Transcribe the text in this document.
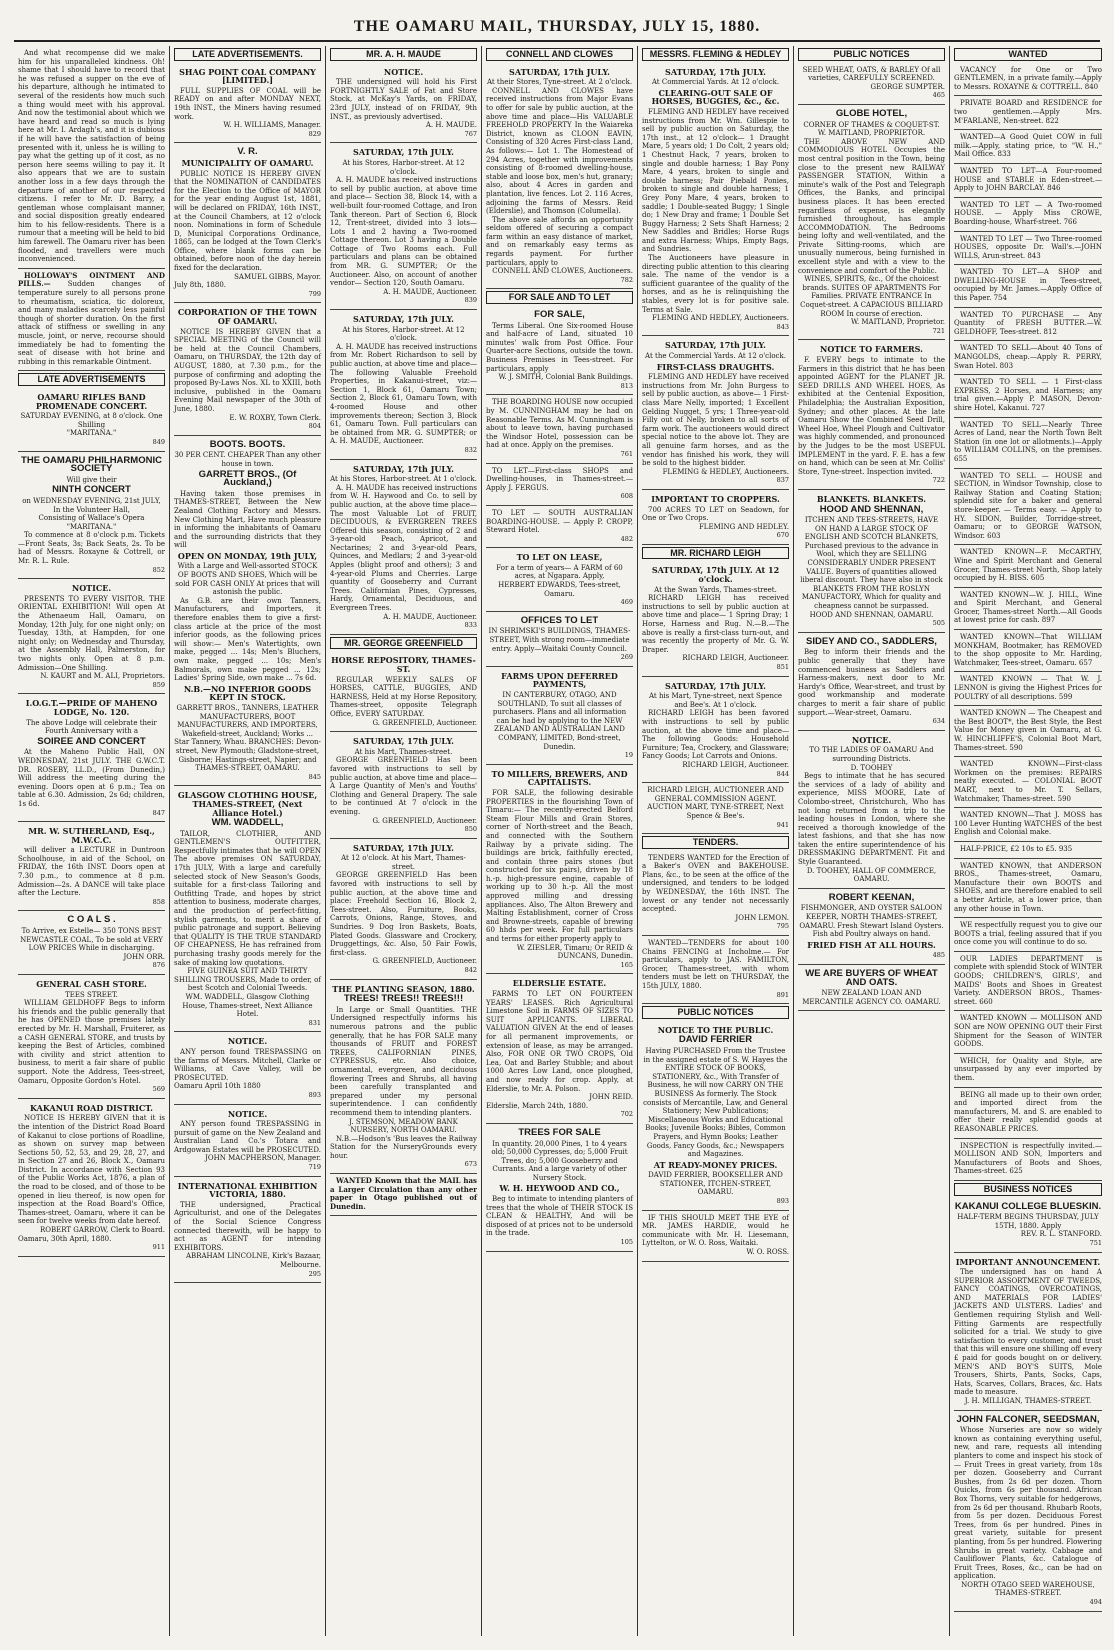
THE OAMARU MAIL, THURSDAY, JULY 15, 1880.
And what recompense did we make him for his unparalleled kindness. Oh! shame that I should have to record that he was refused a supper on the eve of his departure, although he intimated to several of the residents how much such a thing would meet with his approval. And now the testimonial about which we have heard and read so much is lying here at Mr. I. Ardagh's, and it is dubious if he will have the satisfaction of being presented with it, unless he is willing to pay what the getting up of it cost, as no person here seems willing to pay it. It also appears that we are to sustain another loss in a few days through the departure of another of our respected citizens. I refer to Mr. D. Barry, a gentleman whose complaisant manner, and social disposition greatly endeared him to his fellow-residents. There is a rumour that a meeting will be held to bid him farewell. The Oamaru river has been flooded, and travellers were much inconvenienced.
HOLLOWAY'S OINTMENT AND PILLS.— Sudden changes of temperature surely to all persons prone to rheumatism, sciatica, tic doloreux, and many maladies scarcely less painful though of shorter duration. On the first attack of stiffness or swelling in any muscle, joint, or nerve, recourse should immediately be had to fomenting the seat of disease with hot brine and rubbing in this remarkable Ointment.
LATE ADVERTISEMENTS
OAMARU RIFLES BAND PROMENADE CONCERT.
SATURDAY EVENING, at 8 o'clock. One Shilling
"MARITANA."
849
THE OAMARU PHILHARMONIC SOCIETY
Will give their
NINTH CONCERT
on WEDNESDAY EVENING, 21st JULY, In the Volunteer Hall,
Consisting of Wallace's Opera "MARITANA."
To commence at 8 o'clock p.m. Tickets—Front Seats, 3s; Back Seats, 2s. To be had of Messrs. Roxayne & Cottrell, or Mr. R. L. Rule.
852
NOTICE.
PRESENTS TO EVERY VISITOR. THE ORIENTAL EXHIBITION! Will open At the Athenaeum Hall, Oamaru, on Monday, 12th July, for one night only; on Tuesday, 13th, at Hampden, for one night only; on Wednesday and Thursday, at the Assembly Hall, Palmerston, for two nights only. Open at 8 p.m. Admission—One Shilling.
N. KAURT and M. ALI, Proprietors.
859
I.O.G.T.—PRIDE OF MAHENO LODGE, No. 120.
The above Lodge will celebrate their Fourth Anniversary with a
SOIREE AND CONCERT
At the Maheno Public Hall, ON WEDNESDAY, 21st JULY. THE G.W.C.T. DR. ROSEBY, LL.D., (From Dunedin,) Will address the meeting during the evening. Doors open at 6 p.m.; Tea on table at 6.30. Admission, 2s 6d; children, 1s 6d.
847
MR. W. SUTHERLAND, Esq., M.W.C.C.
will deliver a LECTURE in Duntroon Schoolhouse, in aid of the School, on FRIDAY, the 16th INST. Doors open at 7.30 p.m., to commence at 8 p.m. Admission—2s. A DANCE will take place after the Lecture.
858
C O A L S .
To Arrive, ex Estelle— 350 TONS BEST NEWCASTLE COAL, To be sold at VERY LOW PRICES While in discharging.
JOHN ORR.
876
GENERAL CASH STORE.
TEES STREET.
WILLIAM GELDHOFF Begs to inform his friends and the public generally that he has OPENED those premises lately erected by Mr. H. Marshall, Fruiterer, as a CASH GENERAL STORE, and trusts by keeping the Best of Articles, combined with civility and strict attention to business, to merit a fair share of public support. Note the Address, Tees-street, Oamaru, Opposite Gordon's Hotel.
569
KAKANUI ROAD DISTRICT.
NOTICE IS HEREBY GIVEN that it is the intention of the District Road Board of Kakanui to close portions of Roadline, as shown on survey map between Sections 50, 52, 53, and 29, 28, 27, and in Section 27 and 26, Block X., Oamaru District. In accordance with Section 93 of the Public Works Act, 1876, a plan of the road to be closed, and of those to be opened in lieu thereof, is now open for inspection at the Road Board's Office, Thames-street, Oamaru, where it can be seen for twelve weeks from date hereof.
ROBERT GARROW, Clerk to Board.
Oamaru, 30th April, 1880.
911
LATE ADVERTISEMENTS.
SHAG POINT COAL COMPANY [LIMITED.]
FULL SUPPLIES OF COAL will be READY on and after MONDAY NEXT, 19th INST., the Miners having resumed work.
W. H. WILLIAMS, Manager.
829
V. R.
MUNICIPALITY OF OAMARU.
PUBLIC NOTICE IS HEREBY GIVEN that the NOMINATION of CANDIDATES for the Election to the Office of MAYOR for the year ending August 1st, 1881, will be declared on FRIDAY, 16th INST., at the Council Chambers, at 12 o'clock noon. Nominations in form of Schedule D, Municipal Corporations Ordinance, 1865, can be lodged at the Town Clerk's Office, where blank forms can be obtained, before noon of the day herein fixed for the declaration.
SAMUEL GIBBS, Mayor.
July 8th, 1880.
799
CORPORATION OF THE TOWN OF OAMARU.
NOTICE IS HEREBY GIVEN that a SPECIAL MEETING of the Council will be held at the Council Chambers, Oamaru, on THURSDAY, the 12th day of AUGUST, 1880, at 7.30 p.m., for the purpose of confirming and adopting the proposed By-Laws Nos. XL to XXIII, both inclusive, published in the Oamaru Evening Mail newspaper of the 30th of June, 1880.
E. W. ROXBY, Town Clerk.
804
BOOTS. BOOTS.
30 PER CENT. CHEAPER Than any other house in town.
GARRETT BROS., (Of Auckland,)
Having taken those premises in THAMES-STREET, Between the New Zealand Clothing Factory and Messrs. New Clothing Mart, Have much pleasure in informing the inhabitants of Oamaru and the surrounding districts that they will
OPEN ON MONDAY, 19th JULY,
With a Large and Well-assorted STOCK OF BOOTS AND SHOES, Which will be sold FOR CASH ONLY At prices that will astonish the public.
As G.B. are their own Tanners, Manufacturers, and Importers, it therefore enables them to give a first-class article at the price of the most inferior goods, as the following prices will show:— Men's Watertights, own make, pegged ... 14s; Men's Bluchers, own make, pegged ... 10s; Men's Balmorals, own make pegged ... 12s; Ladies' Spring Side, own make ... 7s 6d.
N.B.—NO INFERIOR GOODS KEPT IN STOCK.
GARRETT BROS., TANNERS, LEATHER MANUFACTURERS, BOOT MANUFACTURERS, AND IMPORTERS, Wakefield-street, Auckland; Works ... Star Tannery, Whau. BRANCHES: Devon-street, New Plymouth; Gladstone-street, Gisborne; Hastings-street, Napier; and THAMES-STREET, OAMARU.
845
GLASGOW CLOTHING HOUSE, THAMES-STREET, (Next Alliance Hotel.)
WM. WADDELL,
TAILOR, CLOTHIER, AND GENTLEMEN'S OUTFITTER, Respectfully intimates that he will OPEN The above premises ON SATURDAY, 17th JULY, With a large and carefully selected stock of New Season's Goods, suitable for a first-class Tailoring and Outfitting Trade, and hopes by strict attention to business, moderate charges, and the production of perfect-fitting, stylish garments, to merit a share of public patronage and support. Believing that QUALITY IS THE TRUE STANDARD OF CHEAPNESS, He has refrained from purchasing trashy goods merely for the sake of making low quotations.
FIVE GUINEA SUIT AND THIRTY SHILLING TROUSERS, Made to order, of best Scotch and Colonial Tweeds.
WM. WADDELL, Glasgow Clothing House, Thames-street, Next Alliance Hotel.
831
NOTICE.
ANY person found TRESPASSING on the farms of Messrs. Mitchell, Clarke or Williams, at Cave Valley, will be PROSECUTED.
Oamaru April 10th 1880
893
NOTICE.
ANY person found TRESPASSING in pursuit of game on the New Zealand and Australian Land Co.'s Totara and Ardgowan Estates will be PROSECUTED.
JOHN MACPHERSON, Manager.
719
INTERNATIONAL EXHIBITION VICTORIA, 1880.
THE undersigned, Practical Agriculturist, and one of the Delegates of the Social Science Congress connected therewith, will be happy to act as AGENT for intending EXHIBITORS.
ABRAHAM LINCOLNE, Kirk's Bazaar, Melbourne.
295
MR. A. H. MAUDE
NOTICE.
THE undersigned will hold his First FORTNIGHTLY SALE of Fat and Store Stock, at McKay's Yards, on FRIDAY, 23rd JULY, instead of on FRIDAY, 9th INST., as previously advertised.
A. H. MAUDE.
767
SATURDAY, 17th JULY.
At his Stores, Harbor-street. At 12 o'clock.
A. H. MAUDE has received instructions to sell by public auction, at above time and place— Section 38, Block 14, with a well-built four-roomed Cottage, and Iron Tank thereon. Part of Section 6, Block 12, Trent-street, divided into 3 lots— Lots 1 and 2 having a Two-roomed Cottage thereon. Lot 3 having a Double Cottage of Two Rooms each. Full particulars and plans can be obtained from MR. G. SUMPTER; Or the Auctioneer. Also, on account of another vendor— Section 120, South Oamaru.
A. H. MAUDE, Auctioneer.
839
SATURDAY, 17th JULY.
At his Stores, Harbor-street. At 12 o'clock.
A. H. MAUDE has received instructions from Mr. Robert Richardson to sell by public auction, at above time and place— The following Valuable Freehold Properties, in Kakanui-street, viz:— Section 1, Block 61, Oamaru Town; Section 2, Block 61, Oamaru Town, with 4-roomed House and other improvements thereon; Section 3, Block 61, Oamaru Town. Full particulars can be obtained from MR. G. SUMPTER; or A. H. MAUDE, Auctioneer.
832
SATURDAY, 17th JULY.
At his Stores, Harbor-street. At 1 o'clock.
A. H. MAUDE has received instructions from W. H. Haywood and Co. to sell by public auction, at the above time place—The most Valuable Lot of FRUIT, DECIDUOUS, & EVERGREEN TREES Offered this season, consisting of 2 and 3-year-old Peach, Apricot, and Nectarines; 2 and 3-year-old Pears, Quinces, and Medlars; 2 and 3-year-old Apples (blight proof and others); 3 and 4-year-old Plums and Cherries. Large quantity of Gooseberry and Currant Trees. Californian Pines, Cypresses, Hardy, Ornamental, Deciduous, and Evergreen Trees.
A. H. MAUDE, Auctioneer.
833
MR. GEORGE GREENFIELD
HORSE REPOSITORY, THAMES-ST.
REGULAR WEEKLY SALES OF HORSES, CATTLE, BUGGIES, AND HARNESS, Held at my Horse Repository, Thames-street, opposite Telegraph Office, EVERY SATURDAY.
G. GREENFIELD, Auctioneer.
SATURDAY, 17th JULY.
At his Mart, Thames-street.
GEORGE GREENFIELD Has been favored with instructions to sell by public auction, at above time and place— A Large Quantity of Men's and Youths' Clothing and General Drapery. The sale to be continued At 7 o'clock in the evening.
G. GREENFIELD, Auctioneer.
850
SATURDAY, 17th JULY.
At 12 o'clock. At his Mart, Thames-street.
GEORGE GREENFIELD Has been favored with instructions to sell by public auction, at the above time and place: Freehold Section 16, Block 2, Tees-street. Also, Furniture, Books, Carrots, Onions, Range, Stoves, and Sundries. 9 Dog Iron Baskets, Boats, Plated Goods. Glassware and Crockery, Druggettings, &c. Also, 50 Fair Fowls, first-class.
G. GREENFIELD, Auctioneer.
842
THE PLANTING SEASON, 1880.
TREES! TREES!! TREES!!!
In Large or Small Quantities. THE Undersigned respectfully informs his numerous patrons and the public generally, that he has FOR SALE many thousands of FRUIT and FOREST TREES, CALIFORNIAN PINES, CYPRESSUS, etc. Also choice, ornamental, evergreen, and deciduous flowering Trees and Shrubs, all having been carefully transplanted and prepared under my personal superintendence. I can confidently recommend them to intending planters.
J. STEMSON, MEADOW BANK NURSERY, NORTH OAMARU.
N.B.—Hodson's 'Bus leaves the Railway Station for the NurseryGrounds every hour.
673
WANTED Known that the MAIL has a Larger Circulation than any other paper in Otago published out of Dunedin.
CONNELL AND CLOWES
SATURDAY, 17th JULY.
At their Stores, Tyne-street. At 2 o'clock.
CONNELL AND CLOWES have received instructions from Major Evans to offer for sale by public auction, at the above time and place—His VALUABLE FREEHOLD PROPERTY In the Waiareka District, known as CLOON EAVIN, Consisting of 320 Acres First-class Land, As follows:— Lot 1. The Homestead of 294 Acres, together with improvements consisting of 8-roomed dwelling-house, stable and loose box, men's hut, granary; also, about 4 Acres in garden and plantation, live fences. Lot 2. 116 Acres, adjoining the farms of Messrs. Reid (Elderslie), and Thomson (Columella).
The above sale affords an opportunity seldom offered of securing a compact farm within an easy distance of market, and on remarkably easy terms as regards payment. For further particulars, apply to
CONNELL AND CLOWES, Auctioneers.
782
FOR SALE AND TO LET
FOR SALE,
Terms Liberal. One Six-roomed House and half-acre of Land, situated 10 minutes' walk from Post Office. Four Quarter-acre Sections, outside the town. Business Premises in Tees-street. For particulars, apply
W. J. SMITH, Colonial Bank Buildings.
813
THE BOARDING HOUSE now occupied by M. CUNNINGHAM may be had on Reasonable Terms. As M. Cunningham is about to leave town, having purchased the Windsor Hotel, possession can be had at once. Apply on the premises.
761
TO LET—First-class SHOPS and Dwelling-houses, in Thames-street.—Apply J. FERGUS.
608
TO LET — SOUTH AUSTRALIAN BOARDING-HOUSE. — Apply P. CROPP, Steward Hotel.
482
TO LET ON LEASE,
For a term of years— A FARM of 60 acres, at Ngapara. Apply,
HERBERT EDWARDS, Tees-street, Oamaru.
469
OFFICES TO LET
IN SHRIMSKI'S BUILDINGS, THAMES-STREET, With strong room—immediate entry. Apply—Waitaki County Council.
269
FARMS UPON DEFERRED PAYMENTS,
IN CANTERBURY, OTAGO, AND SOUTHLAND, To suit all classes of purchasers. Plans and all information can be had by applying to the NEW ZEALAND AND AUSTRALIAN LAND COMPANY, LIMITED, Bond-street, Dunedin.
19
TO MILLERS, BREWERS, AND CAPITALISTS.
FOR SALE, the following desirable PROPERTIES in the flourishing Town of Timaru:— The recently-erected Belford Steam Flour Mills and Grain Stores, corner of North-street and the Beach, and connected with the Southern Railway by a private siding. The buildings are brick, faithfully erected, and contain three pairs stones (but constructed for six pairs), driven by 18 h.-p. high-pressure engine, capable of working up to 30 h.-p. All the most approved milling and dressing appliances. Also, The Alton Brewery and Malting Establishment, corner of Cross and Browne-streets, capable of brewing 60 hhds per week. For full particulars and terms for either property apply to
W. ZIESLER, Timaru; Or REID & DUNCANS, Dunedin.
165
ELDERSLIE ESTATE.
FARMS TO LET ON FOURTEEN YEARS' LEASES. Rich Agricultural Limestone Soil in FARMS OF SIZES TO SUIT APPLICANTS. LIBERAL VALUATION GIVEN At the end of leases for all permanent improvements, or extension of lease, as may be arranged. Also, FOR ONE OR TWO CROPS, Old Lea, Oat and Barley Stubble; and about 1000 Acres Low Land, once ploughed, and now ready for crop. Apply, at Elderslie, to Mr. A. Polson.
JOHN REID.
Elderslie, March 24th, 1880.
702
TREES FOR SALE
In quantity. 20,000 Pines, 1 to 4 years old; 50,000 Cypresses, do; 5,000 Fruit Trees, do; 5,000 Gooseberry and Currants. And a large variety of other Nursery Stock.
W. H. HEYWOOD AND CO.,
Beg to intimate to intending planters of trees that the whole of THEIR STOCK IS CLEAN & HEALTHY, And will be disposed of at prices not to be undersold in the trade.
105
MESSRS. FLEMING & HEDLEY
SATURDAY, 17th JULY.
At Commercial Yards. At 12 o'clock.
CLEARING-OUT SALE OF HORSES, BUGGIES, &c., &c.
FLEMING AND HEDLEY have received instructions from Mr. Wm. Gillespie to sell by public auction on Saturday, the 17th inst., at 12 o'clock— 1 Draught Mare, 5 years old; 1 Do Colt, 2 years old; 1 Chestnut Hack, 7 years, broken to single and double harness; 1 Bay Pony Mare, 4 years, broken to single and double harness; Pair Piebald Ponies, broken to single and double harness; 1 Grey Pony Mare, 4 years, broken to saddle; 1 Double-seated Buggy; 1 Single do; 1 New Dray and frame; 1 Double Set Buggy Harness; 2 Sets Shaft Harness; 2 New Saddles and Bridles; Horse Rugs and extra Harness; Whips, Empty Bags, and Sundries.
The Auctioneers have pleasure in directing public attention to this clearing sale. The name of the vendor is a sufficient guarantee of the quality of the horses, and as he is relinquishing the stables, every lot is for positive sale. Terms at Sale.
FLEMING AND HEDLEY, Auctioneers.
843
SATURDAY, 17th JULY.
At the Commercial Yards. At 12 o'clock.
FIRST-CLASS DRAUGHTS.
FLEMING AND HEDLEY have received instructions from Mr. John Burgess to sell by public auction, as above— 1 First-class Mare Nelly, imported; 1 Excellent Gelding Nugget, 5 yrs; 1 Three-year-old Filly out of Nelly, broken to all sorts of farm work. The auctioneers would direct special notice to the above lot. They are all genuine farm horses, and as the vendor has finished his work, they will be sold to the highest bidder.
FLEMING & HEDLEY, Auctioneers.
837
IMPORTANT TO CROPPERS.
700 ACRES TO LET on Seadown, for One or Two Crops.
FLEMING AND HEDLEY.
670
MR. RICHARD LEIGH
SATURDAY, 17th JULY. At 12 o'clock.
At the Swan Yards, Thames-street.
RICHARD LEIGH has received instructions to sell by public auction at above time and place— 1 Spring Dray; 1 Horse, Harness and Rug. N.—B.—The above is really a first-class turn-out, and was recently the property of Mr. G. W. Draper.
RICHARD LEIGH, Auctioneer.
851
SATURDAY, 17th JULY.
At his Mart, Tyne-street, next Spence and Bee's. At 1 o'clock.
RICHARD LEIGH has been favored with instructions to sell by public auction, at the above time and place—The following Goods: Household Furniture; Tea, Crockery, and Glassware; Fancy Goods; Lot Carrots and Onions.
RICHARD LEIGH, Auctioneer.
844
RICHARD LEIGH, AUCTIONEER AND GENERAL COMMISSION AGENT. AUCTION MART, TYNE-STREET, Next Spence & Bee's.
941
TENDERS.
TENDERS WANTED for the Erection of a Baker's OVEN and BAKEHOUSE. Plans, &c., to be seen at the office of the undersigned, and tenders to be lodged by WEDNESDAY, the 16th INST. The lowest or any tender not necessarily accepted.
JOHN LEMON.
795
WANTED—TENDERS for about 100 Chains FENCING at Incholme.— For particulars, apply to JAS. FAMILTON, Grocer, Thames-street, with whom tenders must be lett on THURSDAY, the 15th JULY, 1880.
891
PUBLIC NOTICES
NOTICE TO THE PUBLIC.
DAVID FERRIER
Having PURCHASED From the Trustee in the assigned estate of S. W. Hayes the ENTIRE STOCK OF BOOKS, STATIONERY, &c., With Transfer of Business, he will now CARRY ON THE BUSINESS As formerly. The Stock consists of Mercantile, Law, and General Stationery; New Publications; Miscellaneous Works and Educational Books; Juvenile Books; Bibles, Common Prayers, and Hymn Books; Leather Goods, Fancy Goods, &c.; Newspapers and Magazines.
AT READY-MONEY PRICES.
DAVID FERRIER, BOOKSELLER AND STATIONER, ITCHEN-STREET, OAMARU.
893
IF THIS SHOULD MEET THE EYE of MR. JAMES HARDIE, would he communicate with Mr. H. Liesemann, Lyttelton, or W. O. Ross, Waitaki.
W. O. ROSS.
PUBLIC NOTICES
SEED WHEAT, OATS, & BARLEY Of all varieties, CAREFULLY SCREENED.
GEORGE SUMPTER.
465
GLOBE HOTEL,
CORNER OF THAMES & COQUET-ST.
W. MAITLAND, PROPRIETOR.
THE ABOVE NEW AND COMMODIOUS HOTEL Occupies the most central position in the Town, being close to the present new RAILWAY PASSENGER STATION, Within a minute's walk of the Post and Telegraph Offices, the Banks, and principal business places. It has been erected regardless of expense, is elegantly furnished throughout, has ample ACCOMMODATION. The Bedrooms being lofty and well-ventilated, and the Private Sitting-rooms, which are unusually numerous, being furnished in excellent style and with a view to the convenience and comfort of the Public.
WINES, SPIRITS, &c., Of the choicest brands. SUITES OF APARTMENTS For Families. PRIVATE ENTRANCE In Coquet-street. A CAPACIOUS BILLIARD ROOM In course of erection.
W. MAITLAND, Proprietor.
721
NOTICE TO FARMERS.
F. EVERY begs to intimate to the Farmers in this district that he has been appointed AGENT for the PLANET JR. SEED DRILLS AND WHEEL HOES, As exhibited at the Centenial Exposition, Philadelphia; the Australian Exposition, Sydney; and other places. At the late Oamaru Show the Combined Seed Drill, Wheel Hoe, Wheel Plough and Cultivator was highly commended, and pronounced by the Judges to be the most USEFUL IMPLEMENT in the yard. F. E. has a few on hand, which can be seen at Mr. Collis' Store, Tyne-street. Inspection invited.
722
BLANKETS. BLANKETS.
HOOD AND SHENNAN,
ITCHEN AND TEES-STREETS, HAVE ON HAND A LARGE STOCK OF ENGLISH AND SCOTCH BLANKETS, Purchased previous to the advance in Wool, which they are SELLING CONSIDERABLY UNDER PRESENT VALUE. Buyers of quantities allowed liberal discount. They have also in stock BLANKETS FROM THE ROSLYN MANUFACTORY, Which for quality and cheapness cannot be surpassed.
HOOD AND SHENNAN, OAMARU.
505
SIDEY AND CO., SADDLERS,
Beg to inform their friends and the public generally that they have commenced business as Saddlers and Harness-makers, next door to Mr. Hardy's Office, Wear-street, and trust by good workmanship and moderate charges to merit a fair share of public support.—Wear-street, Oamaru.
634
NOTICE.
TO THE LADIES OF OAMARU And surrounding Districts.
D. TOOHEY
Begs to intimate that he has secured the services of a lady of ability and experience, MISS MOORE, Late of Colombo-street, Christchurch, Who has not long returned from a trip to the leading houses in London, where she received a thorough knowledge of the latest fashions, and that she has now taken the entire superintendence of his DRESSMAKING DEPARTMENT. Fit and Style Guaranteed.
D. TOOHEY, HALL OF COMMERCE, OAMARU.
ROBERT KEENAN,
FISHMONGER, AND OYSTER SALOON KEEPER, NORTH THAMES-STREET, OAMARU. Fresh Stewart Island Oysters. Fish abd Poultry always on hand.
FRIED FISH AT ALL HOURS.
485
WE ARE BUYERS OF WHEAT AND OATS.
NEW ZEALAND LOAN AND MERCANTILE AGENCY CO. OAMARU.
WANTED
VACANCY for One or Two GENTLEMEN, in a private family.—Apply to Messrs. ROXAYNE & COTTRELL. 840
PRIVATE BOARD and RESIDENCE for two gentlemen.—Apply Mrs. M'FARLANE, Nen-street. 822
WANTED—A Good Quiet COW in full milk.—Apply, stating price, to "W. H.," Mail Office. 833
WANTED TO LET—A Four-roomed HOUSE and STABLE in Eden-street.—Apply to JOHN BARCLAY. 846
WANTED TO LET — A Two-roomed HOUSE. — Apply Miss CROWE, Boarding-house, Wharf-street. 766
WANTED TO LET — Two Three-roomed HOUSES, opposite Dr. Wall's.—JOHN WILLS, Arun-street. 843
WANTED TO LET—A SHOP and DWELLING-HOUSE in Tees-street, occupied by Mr. James.—Apply Office of this Paper. 754
WANTED TO PURCHASE — Any Quantity of FRESH BUTTER.—W. GELDHOFF, Tees-street. 812
WANTED TO SELL—About 40 Tons of MANGOLDS, cheap.—Apply R. PERRY, Swan Hotel. 803
WANTED TO SELL — 1 First-class EXPRESS, 2 Horses, and Harness; any trial given.—Apply P. MASON, Devon-shire Hotel, Kakanui. 727
WANTED TO SELL—Nearly Three Acres of Land, near the North Town Belt Station (in one lot or allotments.)—Apply to WILLIAM COLLINS, on the premises. 655
WANTED TO SELL — HOUSE and SECTION, in Windsor Township, close to Railway Station and Coating Station; splendid site for a baker and general store-keeper. — Terms easy. — Apply to HY. SIDON, Builder, Torridge-street, Oamaru; or to GEORGE WATSON, Windsor. 603
WANTED KNOWN—F. McCARTHY, Wine and Spirit Merchant and General Grocer, Thames-street North, Shop lately occupied by H. BISS. 605
WANTED KNOWN—W. J. HILL, Wine and Spirit Merchant, and General Grocer, Thames-street North.—All Goods at lowest price for cash. 897
WANTED KNOWN—That WILLIAM MONKHAM, Bootmaker, has REMOVED to the shop opposite to Mr. Harding, Watchmaker, Tees-street, Oamaru. 657
WANTED KNOWN — That W. J. LENNON is giving the Highest Prices for POULTRY of all descriptions. 599
WANTED KNOWN — The Cheapest and the Best BOOT*, the Best Style, the Best Value for Money given in Oamaru, at G. W. HINCHLIFFE'S, Colonial Boot Mart, Thames-street. 590
WANTED KNOWN—First-class Workmen on the premises: REPAIRS neatly executed. — COLONIAL BOOT MART, next to Mr. T. Sellars, Watchmaker, Thames-street. 590
WANTED KNOWN—That J. MOSS has 100 Lever Hunting WATCHES of the best English and Colonial make.
HALF-PRICE, £2 10s to £5. 935
WANTED KNOWN, that ANDERSON BROS., Thames-street, Oamaru, Manufacture their own BOOTS and SHOES, and are therefore enabled to sell a better Article, at a lower price, than any other house in Town.
WE respectfully request you to give our BOOTS a trial, feeling assured that if you once come you will continue to do so.
OUR LADIES DEPARTMENT is complete with splendid Stock of WINTER GOODS; CHILDREN'S, GIRLS', and MAIDS' Boots and Shoes in Greatest Variety. ANDERSON BROS., Thames-street. 660
WANTED KNOWN — MOLLISON AND SON are NOW OPENING OUT their First Shipment for the Season of WINTER GOODS.
WHICH, for Quality and Style, are unsurpassed by any ever imported by them.
BEING all made up to their own order, and imported direct from the manufacturers, M. and S. are enabled to offer their really splendid goods at REASONABLE PRICES.
INSPECTION is respectfully invited.— MOLLISON AND SON, Importers and Manufacturers of Boots and Shoes, Thames-street. 625
BUSINESS NOTICES
KAKANUI COLLEGE BLUESKIN.
HALF-TERM BEGINS THURSDAY, JULY 15TH, 1880. Apply
REV. R. L. STANFORD.
751
IMPORTANT ANNOUNCEMENT.
The undersigned has on hand A SUPERIOR ASSORTMENT OF TWEEDS, FANCY COATINGS, OVERCOATINGS, AND MATERIALS FOR LADIES' JACKETS AND ULSTERS. Ladies' and Gentlemen requiring Stylish and Well-Fitting Garments are respectfully solicited for a trial. We study to give satisfaction to every customer, and trust that this will ensure one shilling off every £ paid for goods bought on or delivery. MEN'S AND BOY'S SUITS, Mole Trousers, Shirts, Pants, Socks, Caps, Hats, Scarves, Collars, Braces, &c. Hats made to measure.
J. H. MILLIGAN, THAMES-STREET.
JOHN FALCONER, SEEDSMAN,
Whose Nurseries are now so widely known as containing everything useful, new, and rare, requests all intending planters to come and inspect his stock of— Fruit Trees in great variety, from 18s per dozen. Gooseberry and Currant Bushes, from 2s 6d per dozen. Thorn Quicks, from 6s per thousand. African Box Thorns, very suitable for hedgerows, from 2s 6d per thousand. Rhubarb Roots, from 5s per dozen. Deciduous Forest Trees, from 6s per hundred. Pines in great variety, suitable for present planting, from 5s per hundred. Flowering Shrubs in great variety. Cabbage and Cauliflower Plants, &c. Catalogue of Fruit Trees, Roses, &c., can be had on application.
NORTH OTAGO SEED WAREHOUSE, THAMES-STREET.
494
